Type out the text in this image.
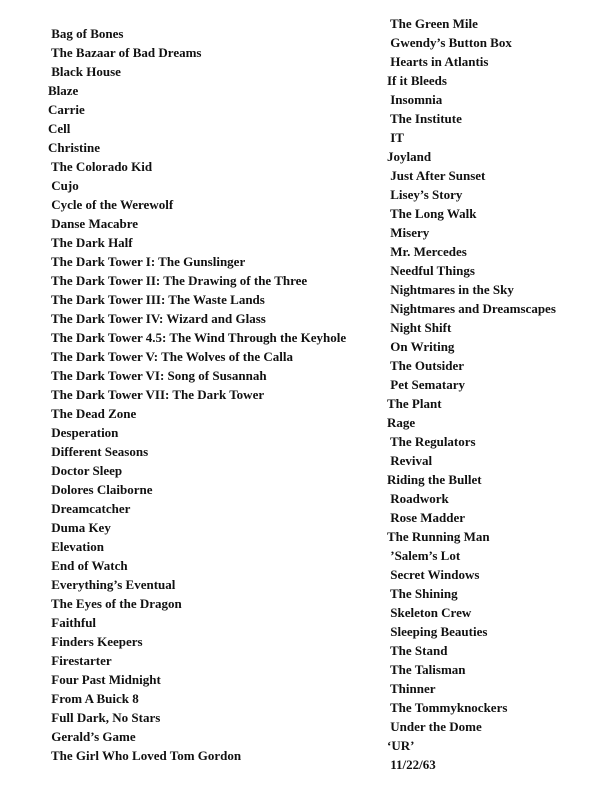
Bag of Bones
The Bazaar of Bad Dreams
Black House
Blaze
Carrie
Cell
Christine
The Colorado Kid
Cujo
Cycle of the Werewolf
Danse Macabre
The Dark Half
The Dark Tower I: The Gunslinger
The Dark Tower II: The Drawing of the Three
The Dark Tower III: The Waste Lands
The Dark Tower IV: Wizard and Glass
The Dark Tower 4.5: The Wind Through the Keyhole
The Dark Tower V: The Wolves of the Calla
The Dark Tower VI: Song of Susannah
The Dark Tower VII: The Dark Tower
The Dead Zone
Desperation
Different Seasons
Doctor Sleep
Dolores Claiborne
Dreamcatcher
Duma Key
Elevation
End of Watch
Everything’s Eventual
The Eyes of the Dragon
Faithful
Finders Keepers
Firestarter
Four Past Midnight
From A Buick 8
Full Dark, No Stars
Gerald’s Game
The Girl Who Loved Tom Gordon
The Green Mile
Gwendy’s Button Box
Hearts in Atlantis
If it Bleeds
Insomnia
The Institute
IT
Joyland
Just After Sunset
Lisey’s Story
The Long Walk
Misery
Mr. Mercedes
Needful Things
Nightmares in the Sky
Nightmares and Dreamscapes
Night Shift
On Writing
The Outsider
Pet Sematary
The Plant
Rage
The Regulators
Revival
Riding the Bullet
Roadwork
Rose Madder
The Running Man
’Salem’s Lot
Secret Windows
The Shining
Skeleton Crew
Sleeping Beauties
The Stand
The Talisman
Thinner
The Tommyknockers
Under the Dome
‘UR’
11/22/63
